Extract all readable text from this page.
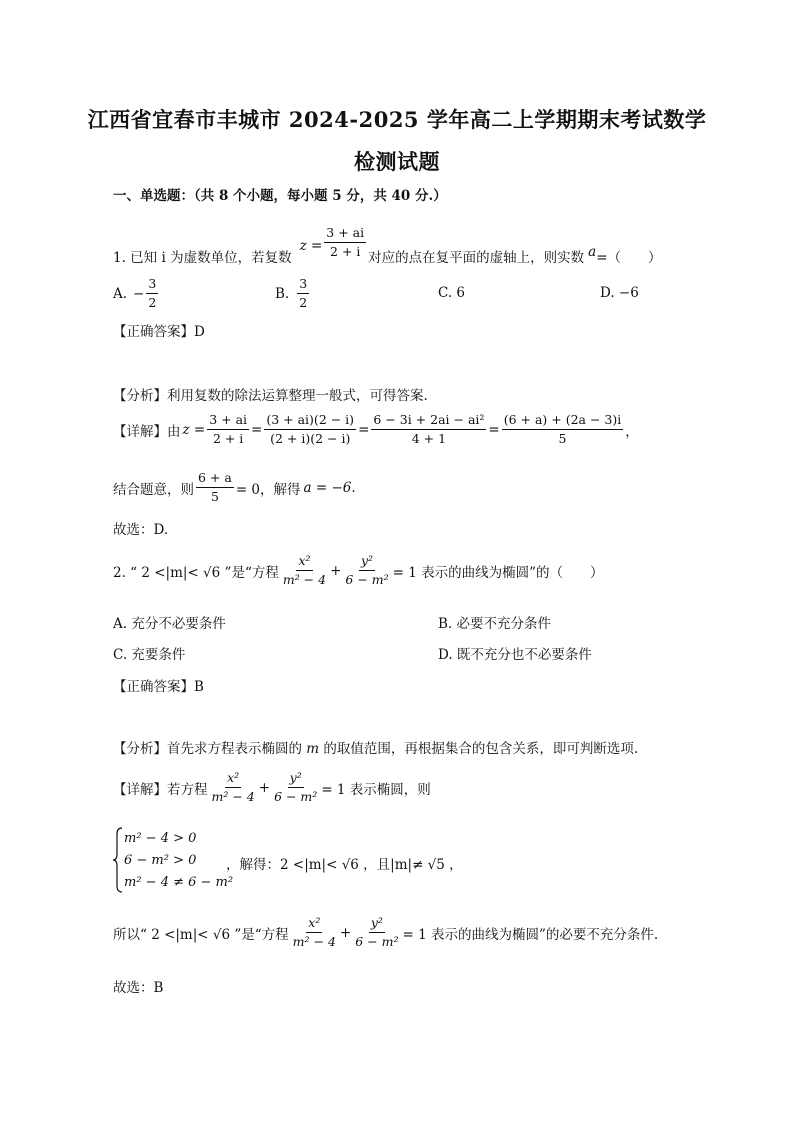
江西省宜春市丰城市 2024-2025 学年高二上学期期末考试数学
检测试题
一、单选题：（共 8 个小题，每小题 5 分，共 40 分.）
1. 已知 i 为虚数单位，若复数
$z = \frac{3 + ai}{2 + i}$ 对应的点在复平面的虚轴上，则实数 a =（　　）
A. − $\frac{3}{2}$	B. $\frac{3}{2}$	C. 6	D. −6
【正确答案】D
【分析】利用复数的除法运算整理一般式，可得答案.
【详解】由 $z = \frac{3 + ai}{2 + i} = \frac{(3 + ai)(2 - i)}{(2 + i)(2 - i)} = \frac{\text{6 − 3i + 2ai − ai²}}{4 + 1} = \frac{(6 + a) + (2a - 3)i}{5}$ ，
结合题意，则 $\frac{6 + a}{5} = 0$，解得 a = −6 .
故选：D.
2. “ 2 <|m|< √6 ”是“方程 $\frac{\text{x²}}{\text{m² − 4}} + \frac{\text{y²}}{\text{6 − m²}} = 1$ 表示的曲线为椭圆”的（　　）
A. 充分不必要条件	B. 必要不充分条件
C. 充要条件	D. 既不充分也不必要条件
【正确答案】B
【分析】首先求方程表示椭圆的 m 的取值范围，再根据集合的包含关系，即可判断选项.
【详解】若方程 $\frac{\text{x²}}{\text{m² − 4}} + \frac{\text{y²}}{\text{6 − m²}} = 1$ 表示椭圆，则
m² − 4 > 0
6 − m² > 0
m² − 4 ≠ 6 − m²
，解得：2 <|m|< √6 ，且|m|≠ √5 ，
所以“ 2 <|m|< √6 ”是“方程 $\frac{\text{x²}}{\text{m² − 4}} + \frac{\text{y²}}{\text{6 − m²}} = 1$ 表示的曲线为椭圆”的必要不充分条件.
故选：B
